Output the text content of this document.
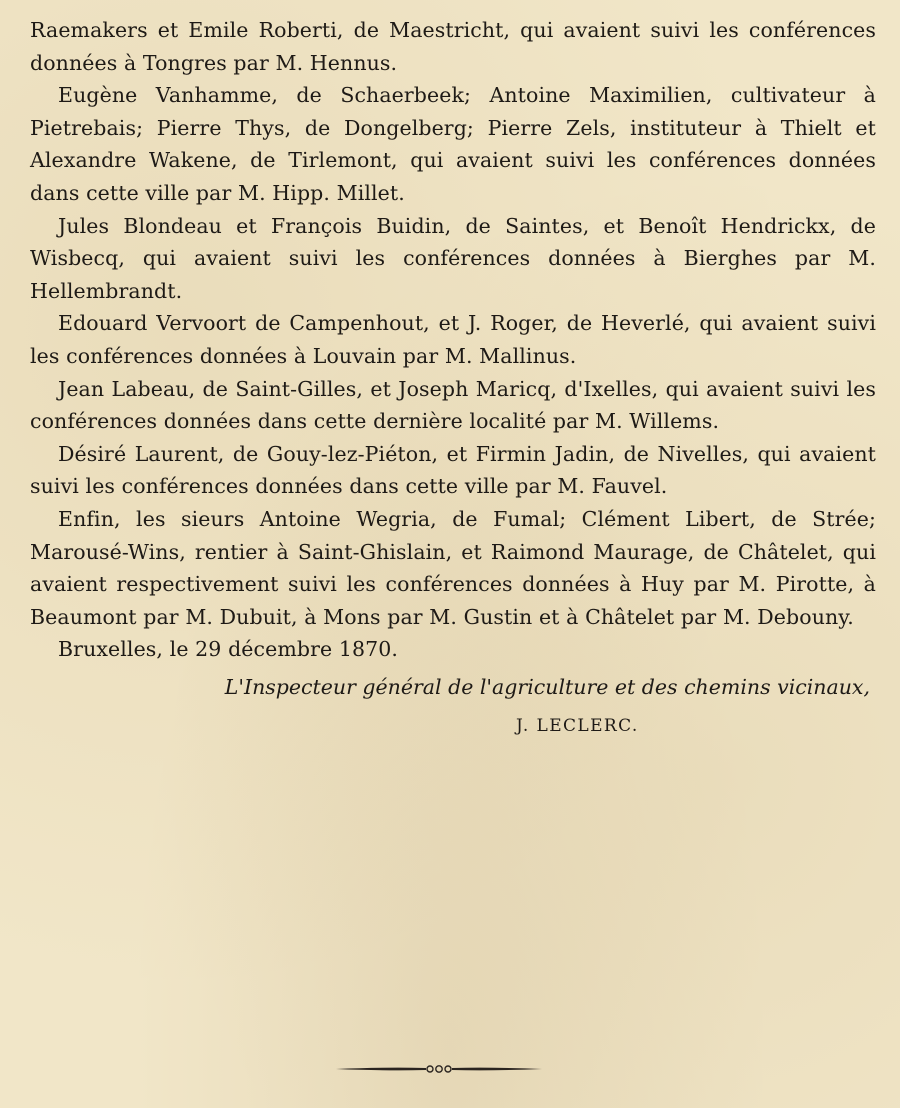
Raemakers et Emile Roberti, de Maestricht, qui avaient suivi les conférences données à Tongres par M. Hennus.

Eugène Vanhamme, de Schaerbeek; Antoine Maximilien, cultivateur à Pietrebais; Pierre Thys, de Dongelberg; Pierre Zels, instituteur à Thielt et Alexandre Wakene, de Tirlemont, qui avaient suivi les conférences données dans cette ville par M. Hipp. Millet.

Jules Blondeau et François Buidin, de Saintes, et Benoît Hendrickx, de Wisbecq, qui avaient suivi les conférences données à Bierghes par M. Hellembrandt.

Edouard Vervoort de Campenhout, et J. Roger, de Heverlé, qui avaient suivi les conférences données à Louvain par M. Mallinus.

Jean Labeau, de Saint-Gilles, et Joseph Maricq, d'Ixelles, qui avaient suivi les conférences données dans cette dernière localité par M. Willems.

Désiré Laurent, de Gouy-lez-Piéton, et Firmin Jadin, de Nivelles, qui avaient suivi les conférences données dans cette ville par M. Fauvel.

Enfin, les sieurs Antoine Wegria, de Fumal; Clément Libert, de Strée; Marousé-Wins, rentier à Saint-Ghislain, et Raimond Maurage, de Châtelet, qui avaient respectivement suivi les conférences données à Huy par M. Pirotte, à Beaumont par M. Dubuit, à Mons par M. Gustin et à Châtelet par M. Debouny.

Bruxelles, le 29 décembre 1870.

L'Inspecteur général de l'agriculture et des chemins vicinaux,
J. LECLERC.
